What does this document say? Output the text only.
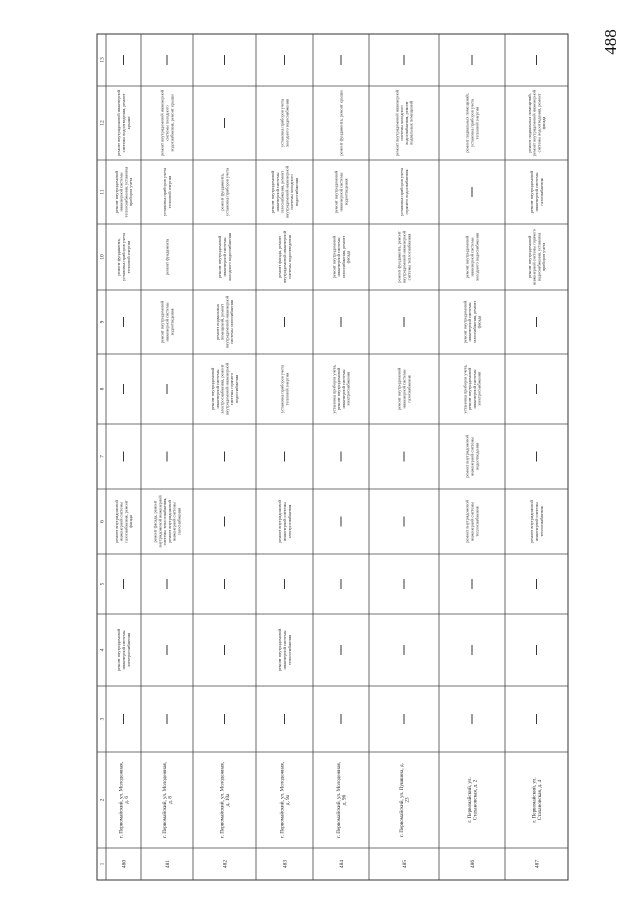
488
1
2
3
4
5
6
7
8
9
10
11
12
13
480
г. Первомайский, ул. Молодежная,д. 6
—
ремонт внутридомовойинженерной системыэлектроснабжения
—
ремонт внутридомовойинженерной системыгазоснабжения, ремонтфасада
—
—
—
ремонт фундамента,установка приборов учетатепловой энергии
ремонт внутридомовойинженерной системытеплоснабжения, установкаприборов учета
ремонт внутридомовой инженернойсистемы водоотведения, ремонткрыши
—
481
г. Первомайский, ул. Молодежная,д. 8
—
—
—
ремонт фасада, ремонтвнутридомовой инженернойсистемы теплоснабжения,ремонт внутридомовойинженерной системыгазоснабжения
—
—
ремонт внутридомовойинженерной системыводоотведения
ремонт фундамента
установка приборов учетатепловой энергии
ремонт внутридомовой инженернойсистемы холодноговодоснабжения, ремонт крыши
—
482
г. Первомайский, ул. Молодежная,д. 10а
—
—
—
—
—
ремонт внутридомовойинженерной системыэлектроснабжения, ремонтвнутридомовой инженернойсистемы горячеговодоснабжения
ремонт подвальныхпомещений, ремонтвнутридомовой инженернойсистемы газоснабжения
ремонт внутридомовойинженерной системыхолодного водоснабжения
ремонт фундамента,установка приборов учета
—
—
483
г. Первомайский, ул. Молодежная,д. 9а
—
ремонт внутридомовойинженерной системытеплоснабжения
—
ремонт внутридомовойинженерной системыэлектроснабжения
—
установка приборов учетатепловой энергии
—
ремонт фасада, ремонтвнутридомовой инженернойсистемы водоотведения
ремонт внутридомовойинженерной системыгазоснабжения, ремонтвнутридомовой инженернойсистемы холодноговодоснабжения
установка приборов учетахолодного водоснабжения
—
484
г. Первомайский, ул. Молодежная,д. 9б
—
—
—
—
—
установка приборов учета,ремонт внутридомовойинженерной системыэлектроснабжения
—
ремонт внутридомовойинженерной системыгазоснабжения, ремонтфасада
ремонт внутридомовойинженерной системыводоотведения
ремонт фундамента, ремонт крыши
—
485
г. Первомайский, ул. Пушкина, д.23
—
—
—
—
—
ремонт внутридомовойинженерной системыгазоснабжения
—
ремонт фундамента, ремонтвнутридомовой инженернойсистемы теплоснабжения
установка приборов учетагорячего водоснабжения
ремонт внутридомовой инженернойсистемы холодноговодоснабжения, ремонтподвальных помещений
—
486
г. Первомайский, ул.Стахановская, д. 2
—
—
—
ремонт внутридомовойинженерной системытеплоснабжения
ремонт внутридомовойинженерной системыводоотведения
установка приборов учета,ремонт внутридомовойинженерной системыэлектроснабжения
ремонт внутридомовойинженерной системыгазоснабжения, ремонтфасада
ремонт внутридомовойинженерной системыхолодного водоснабжения
—
ремонт подвальных помещений,установка приборов учетатепловой энергии
—
487
г. Первомайский, ул.Стахановская, д. 4
—
—
—
ремонт внутридомовойинженерной системытеплоснабжения
—
—
—
ремонт внутридомовойинженерной системы горячеговодоснабжения, установкаприборов учета
ремонт внутридомовойинженерной системыгазоснабжения
ремонт подвальных помещений,ремонт внутридомовой инженернойсистемы водоотведения, ремонтфасада
—
